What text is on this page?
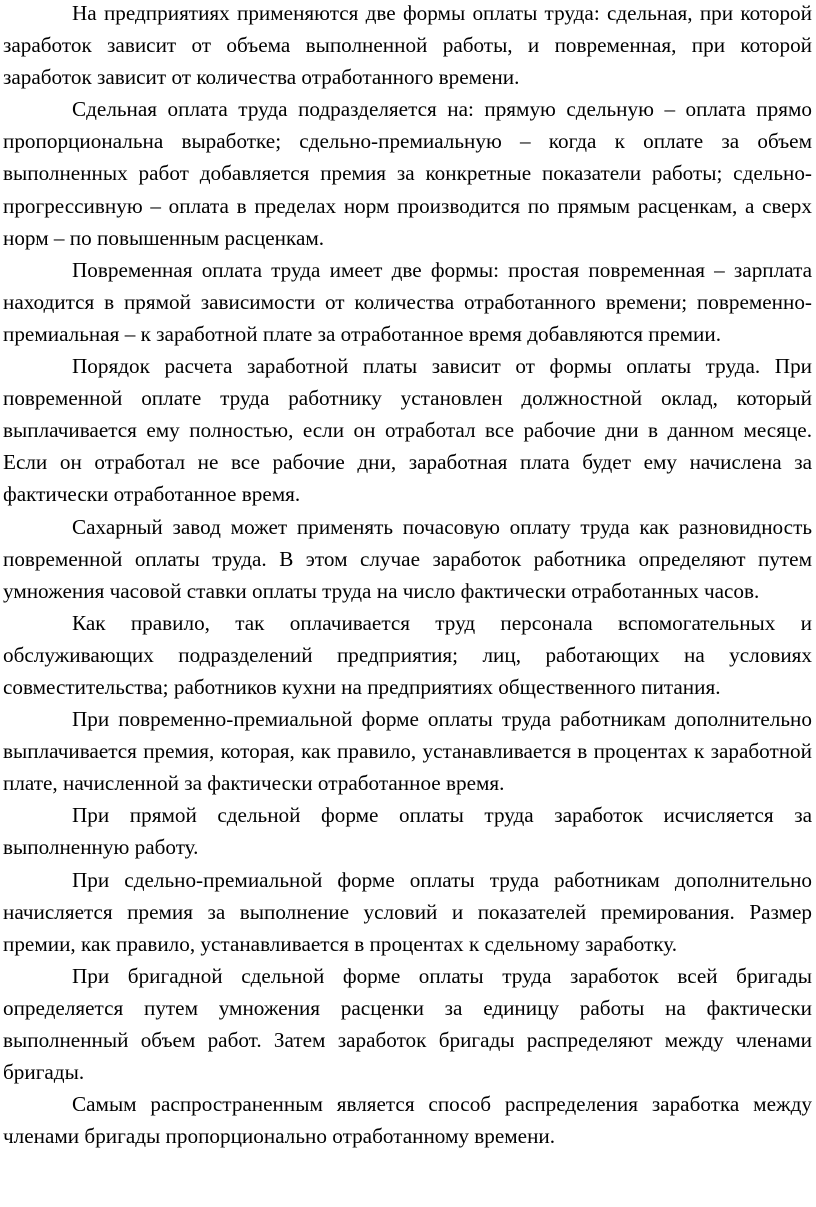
На предприятиях применяются две формы оплаты труда: сдельная, при которой заработок зависит от объема выполненной работы, и повременная, при которой заработок зависит от количества отработанного времени.

Сдельная оплата труда подразделяется на: прямую сдельную – оплата прямо пропорциональна выработке; сдельно-премиальную – когда к оплате за объем выполненных работ добавляется премия за конкретные показатели работы; сдельно-прогрессивную – оплата в пределах норм производится по прямым расценкам, а сверх норм – по повышенным расценкам.

Повременная оплата труда имеет две формы: простая повременная – зарплата находится в прямой зависимости от количества отработанного времени; повременно-премиальная – к заработной плате за отработанное время добавляются премии.

Порядок расчета заработной платы зависит от формы оплаты труда. При повременной оплате труда работнику установлен должностной оклад, который выплачивается ему полностью, если он отработал все рабочие дни в данном месяце. Если он отработал не все рабочие дни, заработная плата будет ему начислена за фактически отработанное время.

Сахарный завод может применять почасовую оплату труда как разновидность повременной оплаты труда. В этом случае заработок работника определяют путем умножения часовой ставки оплаты труда на число фактически отработанных часов.

Как правило, так оплачивается труд персонала вспомогательных и обслуживающих подразделений предприятия; лиц, работающих на условиях совместительства; работников кухни на предприятиях общественного питания.

При повременно-премиальной форме оплаты труда работникам дополнительно выплачивается премия, которая, как правило, устанавливается в процентах к заработной плате, начисленной за фактически отработанное время.

При прямой сдельной форме оплаты труда заработок исчисляется за выполненную работу.

При сдельно-премиальной форме оплаты труда работникам дополнительно начисляется премия за выполнение условий и показателей премирования. Размер премии, как правило, устанавливается в процентах к сдельному заработку.

При бригадной сдельной форме оплаты труда заработок всей бригады определяется путем умножения расценки за единицу работы на фактически выполненный объем работ. Затем заработок бригады распределяют между членами бригады.

Самым распространенным является способ распределения заработка между членами бригады пропорционально отработанному времени.
